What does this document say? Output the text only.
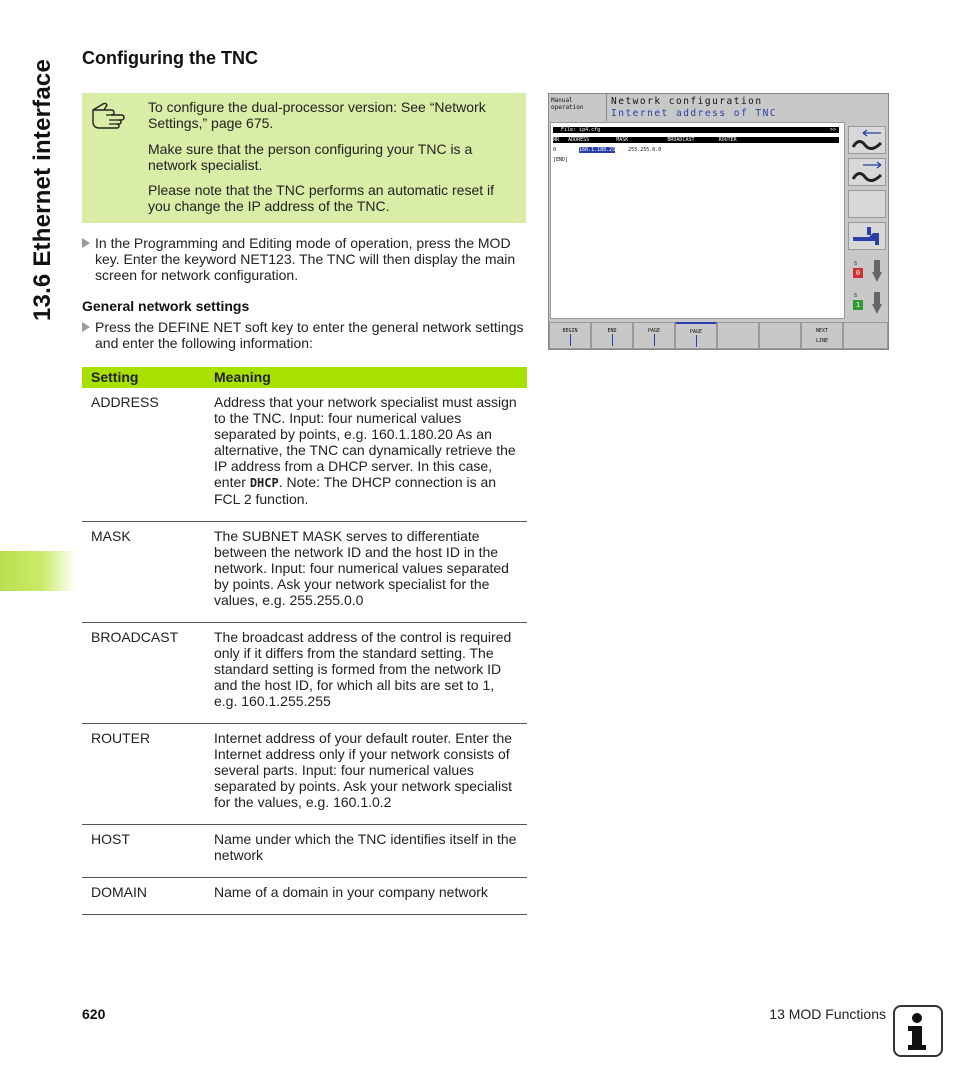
13.6 Ethernet interface
Configuring the TNC

To configure the dual-processor version: See “Network Settings,” page 675.

Make sure that the person configuring your TNC is a network specialist.

Please note that the TNC performs an automatic reset if you change the IP address of the TNC.

In the Programming and Editing mode of operation, press the MOD key. Enter the keyword NET123. The TNC will then display the main screen for network configuration.
General network settings
Press the DEFINE NET soft key to enter the general network settings and enter the following information:
Setting	Meaning
ADDRESS	Address that your network specialist must assign to the TNC. Input: four numerical values separated by points, e.g. 160.1.180.20 As an alternative, the TNC can dynamically retrieve the IP address from a DHCP server. In this case, enter DHCP. Note: The DHCP connection is an FCL 2 function.
MASK	The SUBNET MASK serves to differentiate between the network ID and the host ID in the network. Input: four numerical values separated by points. Ask your network specialist for the values, e.g. 255.255.0.0
BROADCAST	The broadcast address of the control is required only if it differs from the standard setting. The standard setting is formed from the network ID and the host ID, for which all bits are set to 1, e.g. 160.1.255.255
ROUTER	Internet address of your default router. Enter the Internet address only if your network consists of several parts. Input: four numerical values separated by points. Ask your network specialist for the values, e.g. 160.1.0.2
HOST	Name under which the TNC identifies itself in the network
DOMAIN	Name of a domain in your company network
Manual
operation
Network configuration
Internet address of TNC
File: ip4.cfg	>>
NR   ADDRESS         MASK             BROADCAST        ROUTER
0	160.1.180.23	255.255.0.0
[END]
S
0
S
1
BEGIN	END	PAGE	PAGE	NEXT
LINE
620	13 MOD Functions
